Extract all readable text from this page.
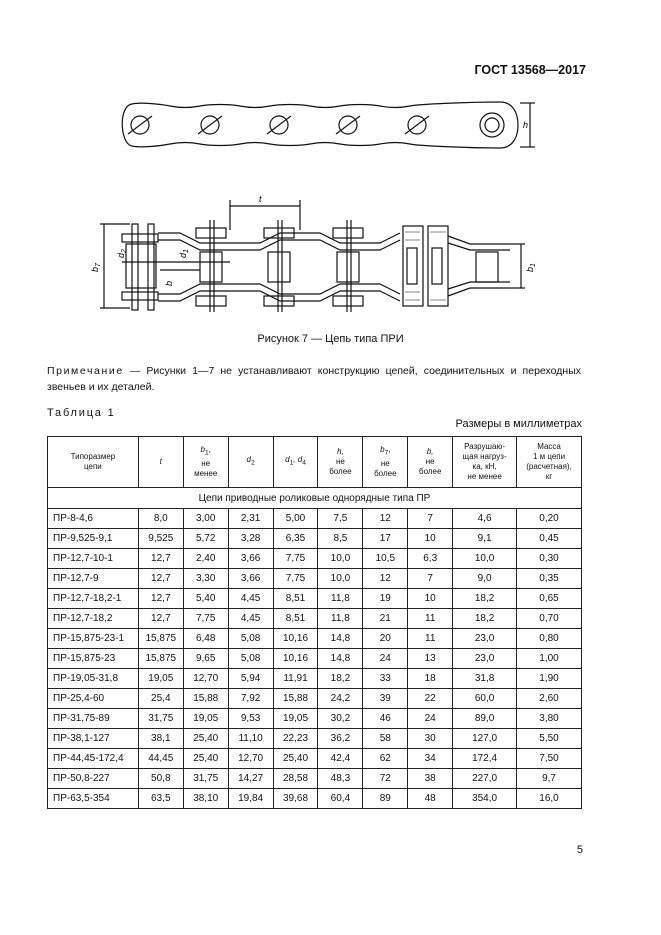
ГОСТ 13568—2017
h
t
$b_7$
$d_2$
$d_1$
b
$b_1$
Рисунок 7 — Цепь типа ПРИ
Примечание — Рисунки 1—7 не устанавливают конструкцию цепей, соединительных и переходных звеньев и их деталей.
Таблица 1
Размеры в миллиметрах
Типоразмер
цепи	t	$b_1$,
не
менее	$d_2$	$d_1$, $d_4$	h,
не
более	$b_7$,
не
более	b,
не
более	Разрушаю-
щая нагруз-
ка, кН,
не менее	Масса
1 м цепи
(расчетная),
кг
Цепи приводные роликовые однорядные типа ПР									
ПР-8-4,6	8,0	3,00	2,31	5,00	7,5	12	7	4,6	0,20
ПР-9,525-9,1	9,525	5,72	3,28	6,35	8,5	17	10	9,1	0,45
ПР-12,7-10-1	12,7	2,40	3,66	7,75	10,0	10,5	6,3	10,0	0,30
ПР-12,7-9	12,7	3,30	3,66	7,75	10,0	12	7	9,0	0,35
ПР-12,7-18,2-1	12,7	5,40	4,45	8,51	11,8	19	10	18,2	0,65
ПР-12,7-18,2	12,7	7,75	4,45	8,51	11,8	21	11	18,2	0,70
ПР-15,875-23-1	15,875	6,48	5,08	10,16	14,8	20	11	23,0	0,80
ПР-15,875-23	15,875	9,65	5,08	10,16	14,8	24	13	23,0	1,00
ПР-19,05-31,8	19,05	12,70	5,94	11,91	18,2	33	18	31,8	1,90
ПР-25,4-60	25,4	15,88	7,92	15,88	24,2	39	22	60,0	2,60
ПР-31,75-89	31,75	19,05	9,53	19,05	30,2	46	24	89,0	3,80
ПР-38,1-127	38,1	25,40	11,10	22,23	36,2	58	30	127,0	5,50
ПР-44,45-172,4	44,45	25,40	12,70	25,40	42,4	62	34	172,4	7,50
ПР-50,8-227	50,8	31,75	14,27	28,58	48,3	72	38	227,0	9,7
ПР-63,5-354	63,5	38,10	19,84	39,68	60,4	89	48	354,0	16,0
5
